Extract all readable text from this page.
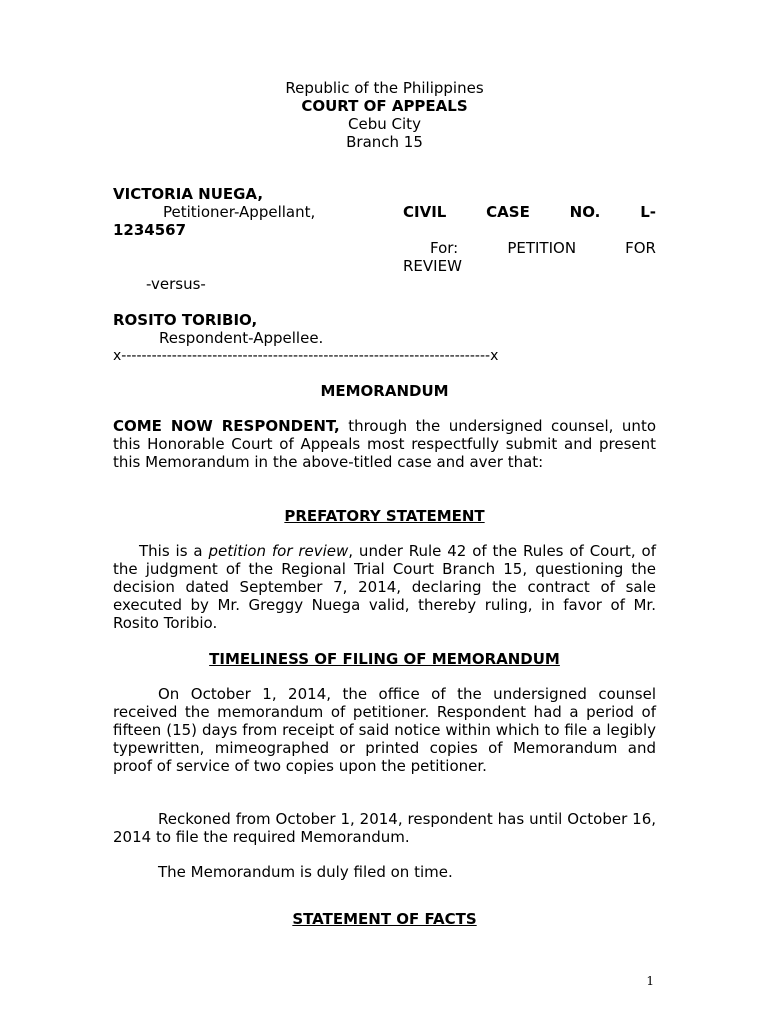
Republic of the Philippines
COURT OF APPEALS
Cebu City
Branch 15
VICTORIA NUEGA,
Petitioner-Appellant,	CIVIL	CASE	NO.	L-
1234567
For:	PETITION	FOR
REVIEW
-versus-
ROSITO TORIBIO,
Respondent-Appellee.
x-------------------------------------------------------------------------x
MEMORANDUM

COME NOW RESPONDENT, through the undersigned counsel, unto this Honorable Court of Appeals most respectfully submit and present this Memorandum in the above-titled case and aver that:

PREFATORY STATEMENT

This is a petition for review, under Rule 42 of the Rules of Court, of the judgment of the Regional Trial Court Branch 15, questioning the decision dated September 7, 2014, declaring the contract of sale executed by Mr. Greggy Nuega valid, thereby ruling, in favor of Mr. Rosito Toribio.

TIMELINESS OF FILING OF MEMORANDUM

On October 1, 2014, the office of the undersigned counsel received the memorandum of petitioner. Respondent had a period of fifteen (15) days from receipt of said notice within which to file a legibly typewritten, mimeographed or printed copies of Memorandum and proof of service of two copies upon the petitioner.

Reckoned from October 1, 2014, respondent has until October 16, 2014 to file the required Memorandum.

The Memorandum is duly filed on time.

STATEMENT OF FACTS
1
